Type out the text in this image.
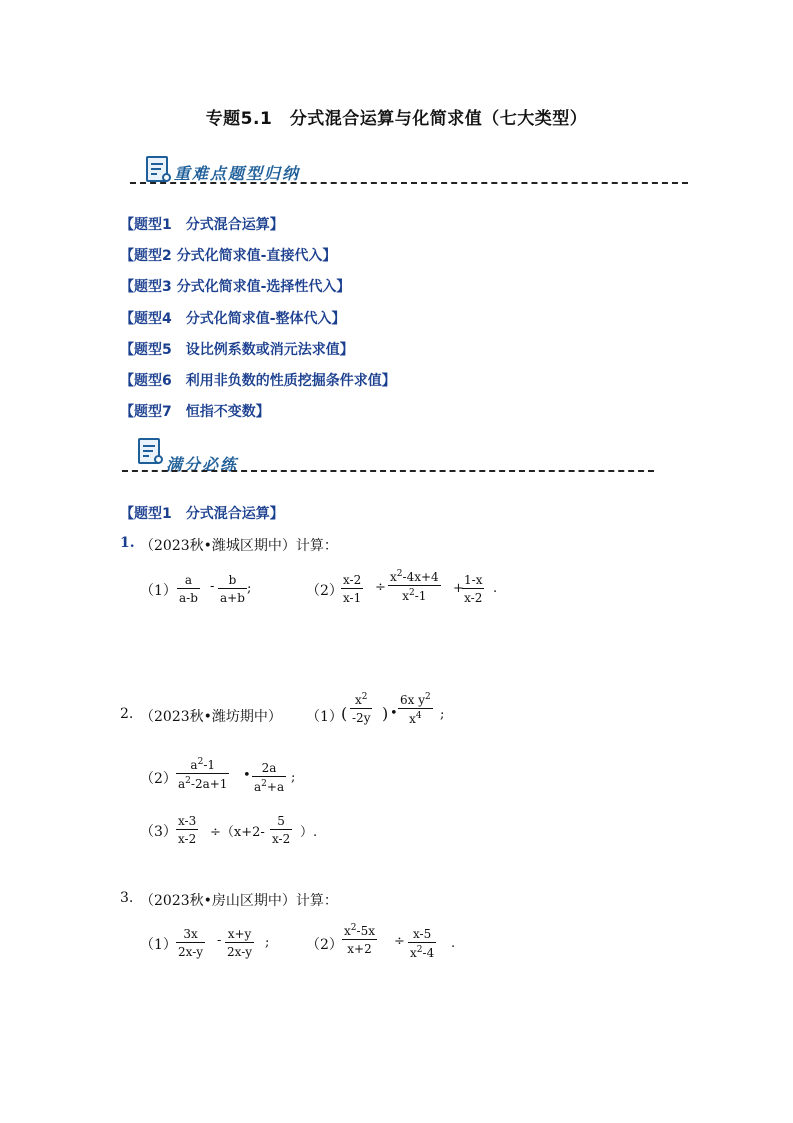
专题5.1　分式混合运算与化简求值（七大类型）
重难点题型归纳
【题型1　分式混合运算】
【题型2 分式化简求值-直接代入】
【题型3 分式化简求值-选择性代入】
【题型4　分式化简求值-整体代入】
【题型5　设比例系数或消元法求值】
【题型6　利用非负数的性质挖掘条件求值】
【题型7　恒指不变数】
满分必练
【题型1　分式混合运算】
1. （2023秋•潍城区期中）计算：
$(1) \frac{a}{a-b} - \frac{b}{a+b}$ ;	（2）
$\frac{x-2}{x-1} \div \frac{x^2-4x+4}{x^2-1}$ +
$\frac{1-x}{x-2}$ .
2. （2023秋•潍坊期中） （1）
( $\frac{x^2}{-2y}$ ) • $\frac{6x y^2}{x^4}$ ;
$(2) \frac{a^2-1}{a^2-2a+1}$ • $\frac{2a}{a^2+a}$ ;
$(3) \frac{x-3}{x-2} \div(x+2- \frac{5}{x-2}$ ）.
3. （2023秋•房山区期中）计算：
$(1) \frac{3x}{2x-y} - \frac{x+y}{2x-y}$ ;	$(2) \frac{x^2-5x}{x+2} \div \frac{x-5}{x^2-4}$ .
